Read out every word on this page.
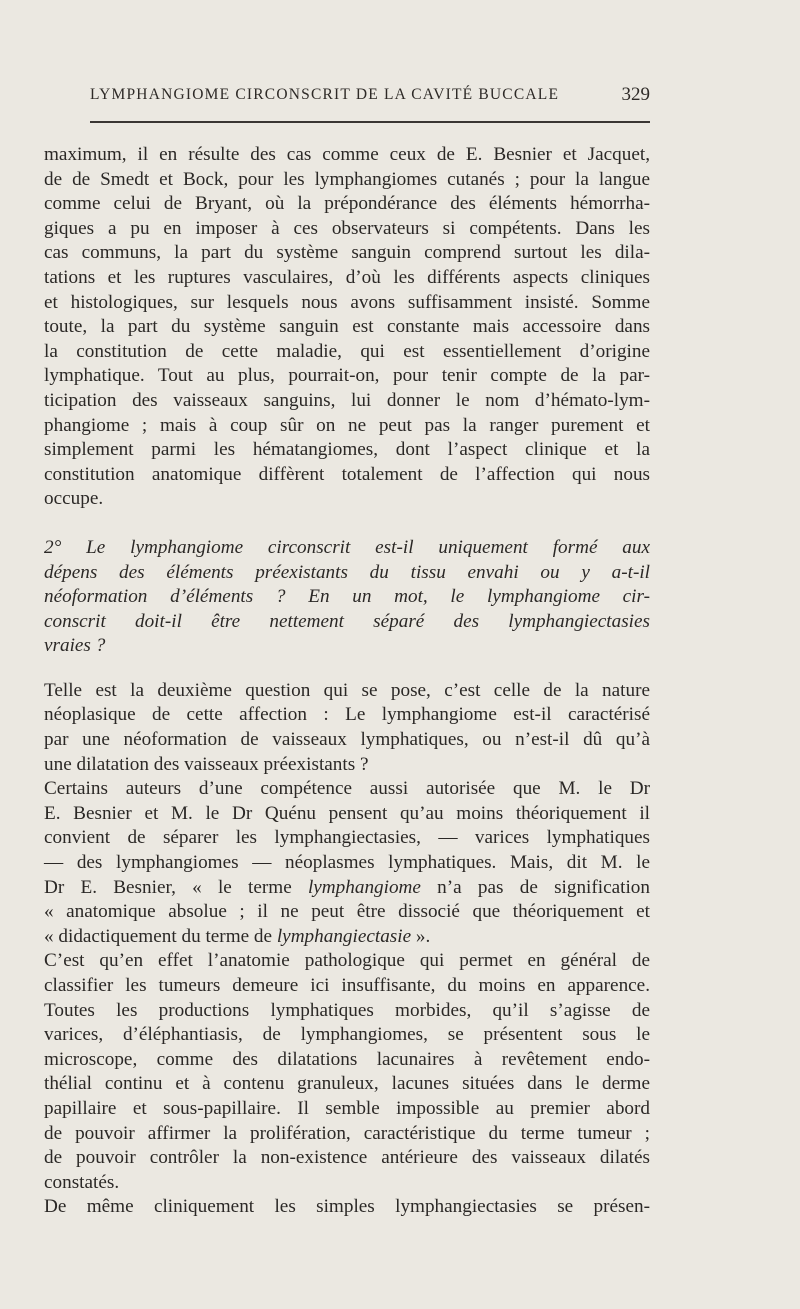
LYMPHANGIOME CIRCONSCRIT DE LA CAVITÉ BUCCALE	329

maximum, il en résulte des cas comme ceux de E. Besnier et Jacquet,
de de Smedt et Bock, pour les lymphangiomes cutanés ; pour la langue
comme celui de Bryant, où la prépondérance des éléments hémorrha-
giques a pu en imposer à ces observateurs si compétents. Dans les
cas communs, la part du système sanguin comprend surtout les dila-
tations et les ruptures vasculaires, d’où les différents aspects cliniques
et histologiques, sur lesquels nous avons suffisamment insisté. Somme
toute, la part du système sanguin est constante mais accessoire dans
la constitution de cette maladie, qui est essentiellement d’origine
lymphatique. Tout au plus, pourrait-on, pour tenir compte de la par-
ticipation des vaisseaux sanguins, lui donner le nom d’hémato-lym-
phangiome ; mais à coup sûr on ne peut pas la ranger purement et
simplement parmi les hématangiomes, dont l’aspect clinique et la
constitution anatomique diffèrent totalement de l’affection qui nous
occupe.

2° Le lymphangiome circonscrit est-il uniquement formé aux
dépens des éléments préexistants du tissu envahi ou y a-t-il
néoformation d’éléments ? En un mot, le lymphangiome cir-
conscrit doit-il être nettement séparé des lymphangiectasies
vraies ?

Telle est la deuxième question qui se pose, c’est celle de la nature
néoplasique de cette affection : Le lymphangiome est-il caractérisé
par une néoformation de vaisseaux lymphatiques, ou n’est-il dû qu’à
une dilatation des vaisseaux préexistants ?

Certains auteurs d’une compétence aussi autorisée que M. le Dr
E. Besnier et M. le Dr Quénu pensent qu’au moins théoriquement il
convient de séparer les lymphangiectasies, — varices lymphatiques
— des lymphangiomes — néoplasmes lymphatiques. Mais, dit M. le
Dr E. Besnier, « le terme lymphangiome n’a pas de signification
« anatomique absolue ; il ne peut être dissocié que théoriquement et
« didactiquement du terme de lymphangiectasie ».

C’est qu’en effet l’anatomie pathologique qui permet en général de
classifier les tumeurs demeure ici insuffisante, du moins en apparence.
Toutes les productions lymphatiques morbides, qu’il s’agisse de
varices, d’éléphantiasis, de lymphangiomes, se présentent sous le
microscope, comme des dilatations lacunaires à revêtement endo-
thélial continu et à contenu granuleux, lacunes situées dans le derme
papillaire et sous-papillaire. Il semble impossible au premier abord
de pouvoir affirmer la prolifération, caractéristique du terme tumeur ;
de pouvoir contrôler la non-existence antérieure des vaisseaux dilatés
constatés.

De même cliniquement les simples lymphangiectasies se présen-
